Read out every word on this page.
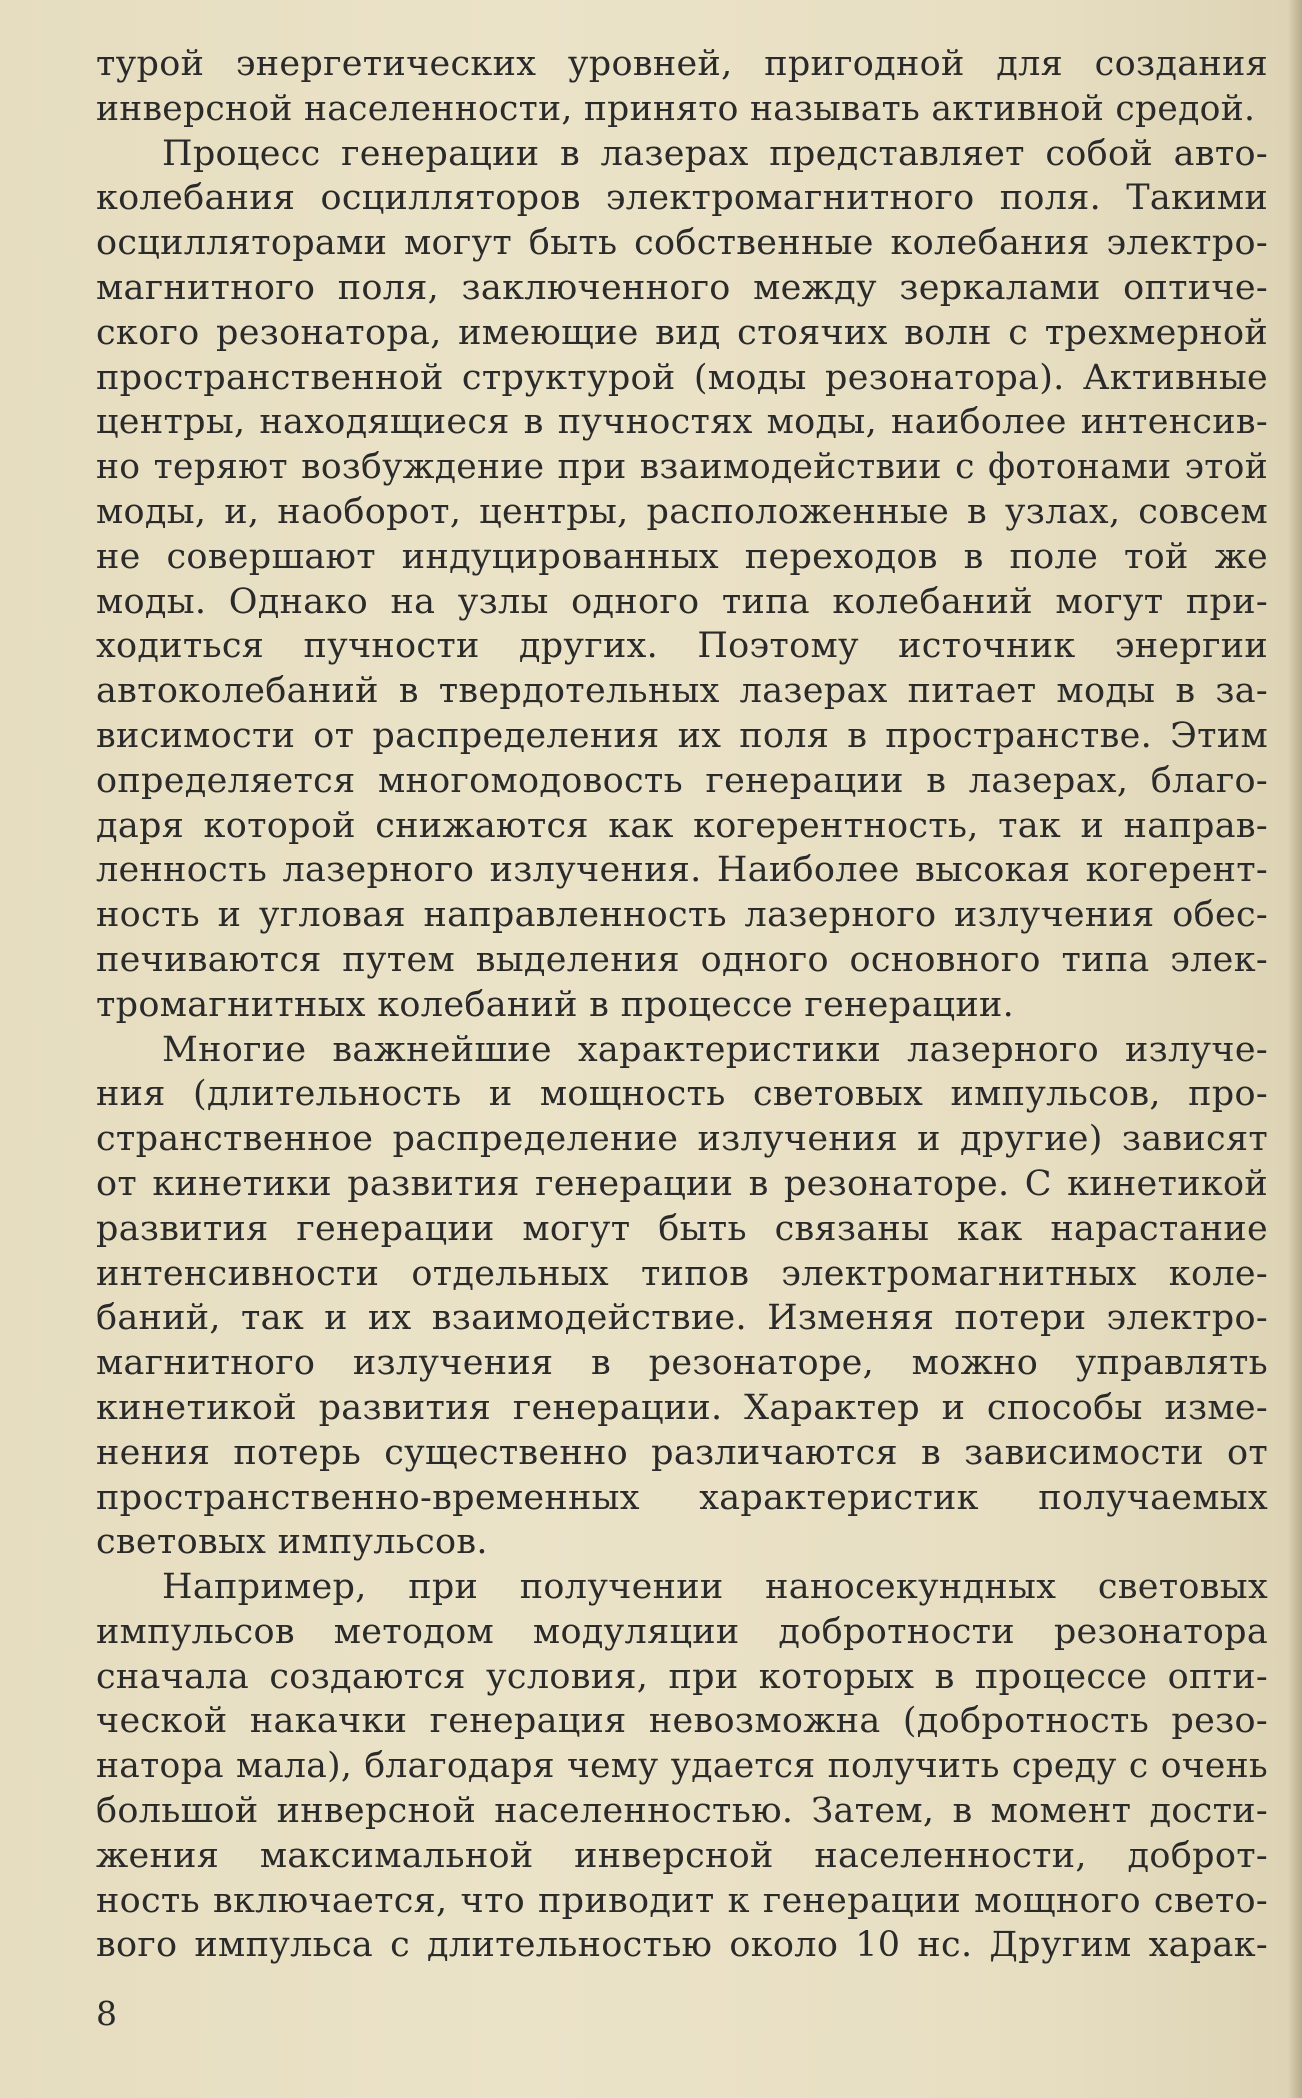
турой энергетических уровней, пригодной для создания
инверсной населенности, принято называть активной средой.
Процесс генерации в лазерах представляет собой авто-
колебания осцилляторов электромагнитного поля. Такими
осцилляторами могут быть собственные колебания электро-
магнитного поля, заключенного между зеркалами оптиче-
ского резонатора, имеющие вид стоячих волн с трехмерной
пространственной структурой (моды резонатора). Активные
центры, находящиеся в пучностях моды, наиболее интенсив-
но теряют возбуждение при взаимодействии с фотонами этой
моды, и, наоборот, центры, расположенные в узлах, совсем
не совершают индуцированных переходов в поле той же
моды. Однако на узлы одного типа колебаний могут при-
ходиться пучности других. Поэтому источник энергии
автоколебаний в твердотельных лазерах питает моды в за-
висимости от распределения их поля в пространстве. Этим
определяется многомодовость генерации в лазерах, благо-
даря которой снижаются как когерентность, так и направ-
ленность лазерного излучения. Наиболее высокая когерент-
ность и угловая направленность лазерного излучения обес-
печиваются путем выделения одного основного типа элек-
тромагнитных колебаний в процессе генерации.
Многие важнейшие характеристики лазерного излуче-
ния (длительность и мощность световых импульсов, про-
странственное распределение излучения и другие) зависят
от кинетики развития генерации в резонаторе. С кинетикой
развития генерации могут быть связаны как нарастание
интенсивности отдельных типов электромагнитных коле-
баний, так и их взаимодействие. Изменяя потери электро-
магнитного излучения в резонаторе, можно управлять
кинетикой развития генерации. Характер и способы изме-
нения потерь существенно различаются в зависимости от
пространственно-временных характеристик получаемых
световых импульсов.
Например, при получении наносекундных световых
импульсов методом модуляции добротности резонатора
сначала создаются условия, при которых в процессе опти-
ческой накачки генерация невозможна (добротность резо-
натора мала), благодаря чему удается получить среду с очень
большой инверсной населенностью. Затем, в момент дости-
жения максимальной инверсной населенности, доброт-
ность включается, что приводит к генерации мощного свето-
вого импульса с длительностью около 10 нс. Другим харак-
8
